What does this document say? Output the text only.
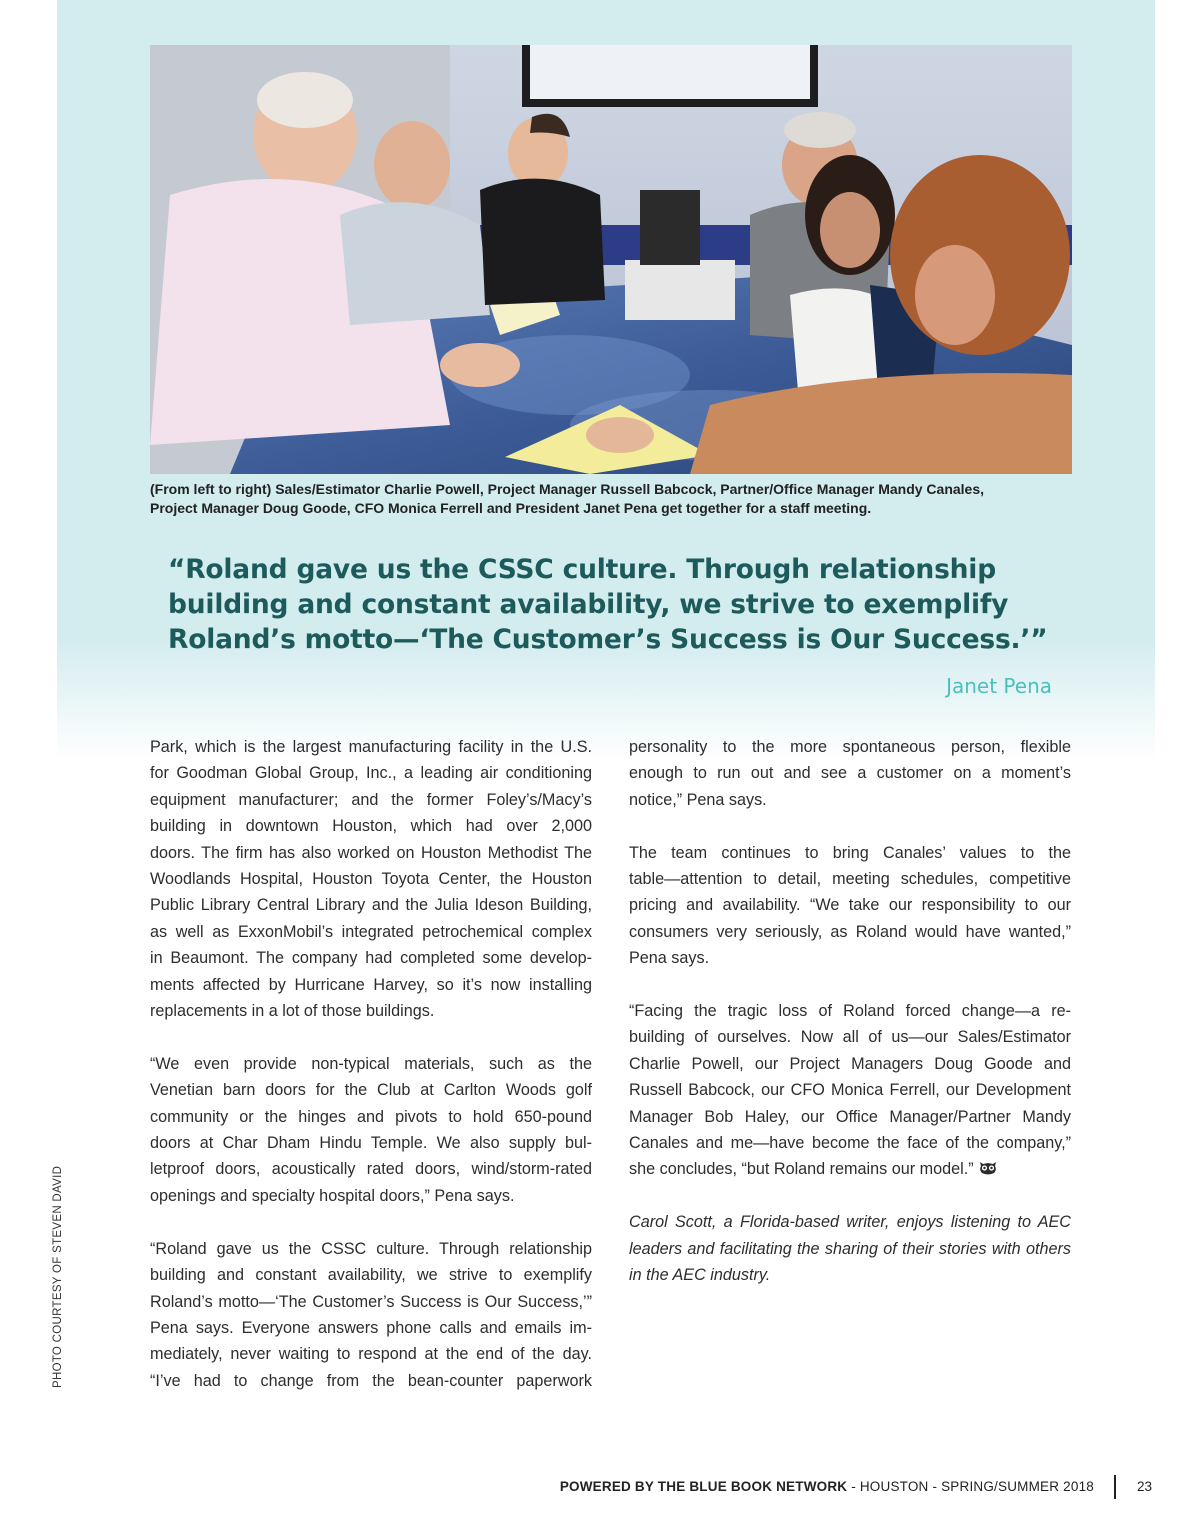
(From left to right) Sales/Estimator Charlie Powell, Project Manager Russell Babcock, Partner/Office Manager Mandy Canales,
Project Manager Doug Goode, CFO Monica Ferrell and President Janet Pena get together for a staff meeting.
“Roland gave us the CSSC culture. Through relationship
building and constant availability, we strive to exemplify
Roland’s motto—‘The Customer’s Success is Our Success.’”
Janet Pena

Park, which is the largest manufacturing facility in the U.S.
for Goodman Global Group, Inc., a leading air conditioning
equipment manufacturer; and the former Foley’s/Macy’s
building in downtown Houston, which had over 2,000
doors. The firm has also worked on Houston Methodist The
Woodlands Hospital, Houston Toyota Center, the Houston
Public Library Central Library and the Julia Ideson Building,
as well as ExxonMobil’s integrated petrochemical complex
in Beaumont. The company had completed some develop-
ments affected by Hurricane Harvey, so it’s now installing
replacements in a lot of those buildings.

“We even provide non-typical materials, such as the
Venetian barn doors for the Club at Carlton Woods golf
community or the hinges and pivots to hold 650-pound
doors at Char Dham Hindu Temple. We also supply bul-
letproof doors, acoustically rated doors, wind/storm-rated
openings and specialty hospital doors,” Pena says.

“Roland gave us the CSSC culture. Through relationship
building and constant availability, we strive to exemplify
Roland’s motto—‘The Customer’s Success is Our Success,’”
Pena says. Everyone answers phone calls and emails im-
mediately, never waiting to respond at the end of the day.
“I’ve had to change from the bean-counter paperwork

personality to the more spontaneous person, flexible
enough to run out and see a customer on a moment’s
notice,” Pena says.

The team continues to bring Canales’ values to the
table—attention to detail, meeting schedules, competitive
pricing and availability. “We take our responsibility to our
consumers very seriously, as Roland would have wanted,”
Pena says.

“Facing the tragic loss of Roland forced change—a re-
building of ourselves. Now all of us—our Sales/Estimator
Charlie Powell, our Project Managers Doug Goode and
Russell Babcock, our CFO Monica Ferrell, our Development
Manager Bob Haley, our Office Manager/Partner Mandy
Canales and me—have become the face of the company,”
she concludes, “but Roland remains our model.”

Carol Scott, a Florida-based writer, enjoys listening to AEC
leaders and facilitating the sharing of their stories with others
in the AEC industry.

PHOTO COURTESY OF STEVEN DAVID
POWERED BY THE BLUE BOOK NETWORK - HOUSTON - SPRING/SUMMER 2018	23
